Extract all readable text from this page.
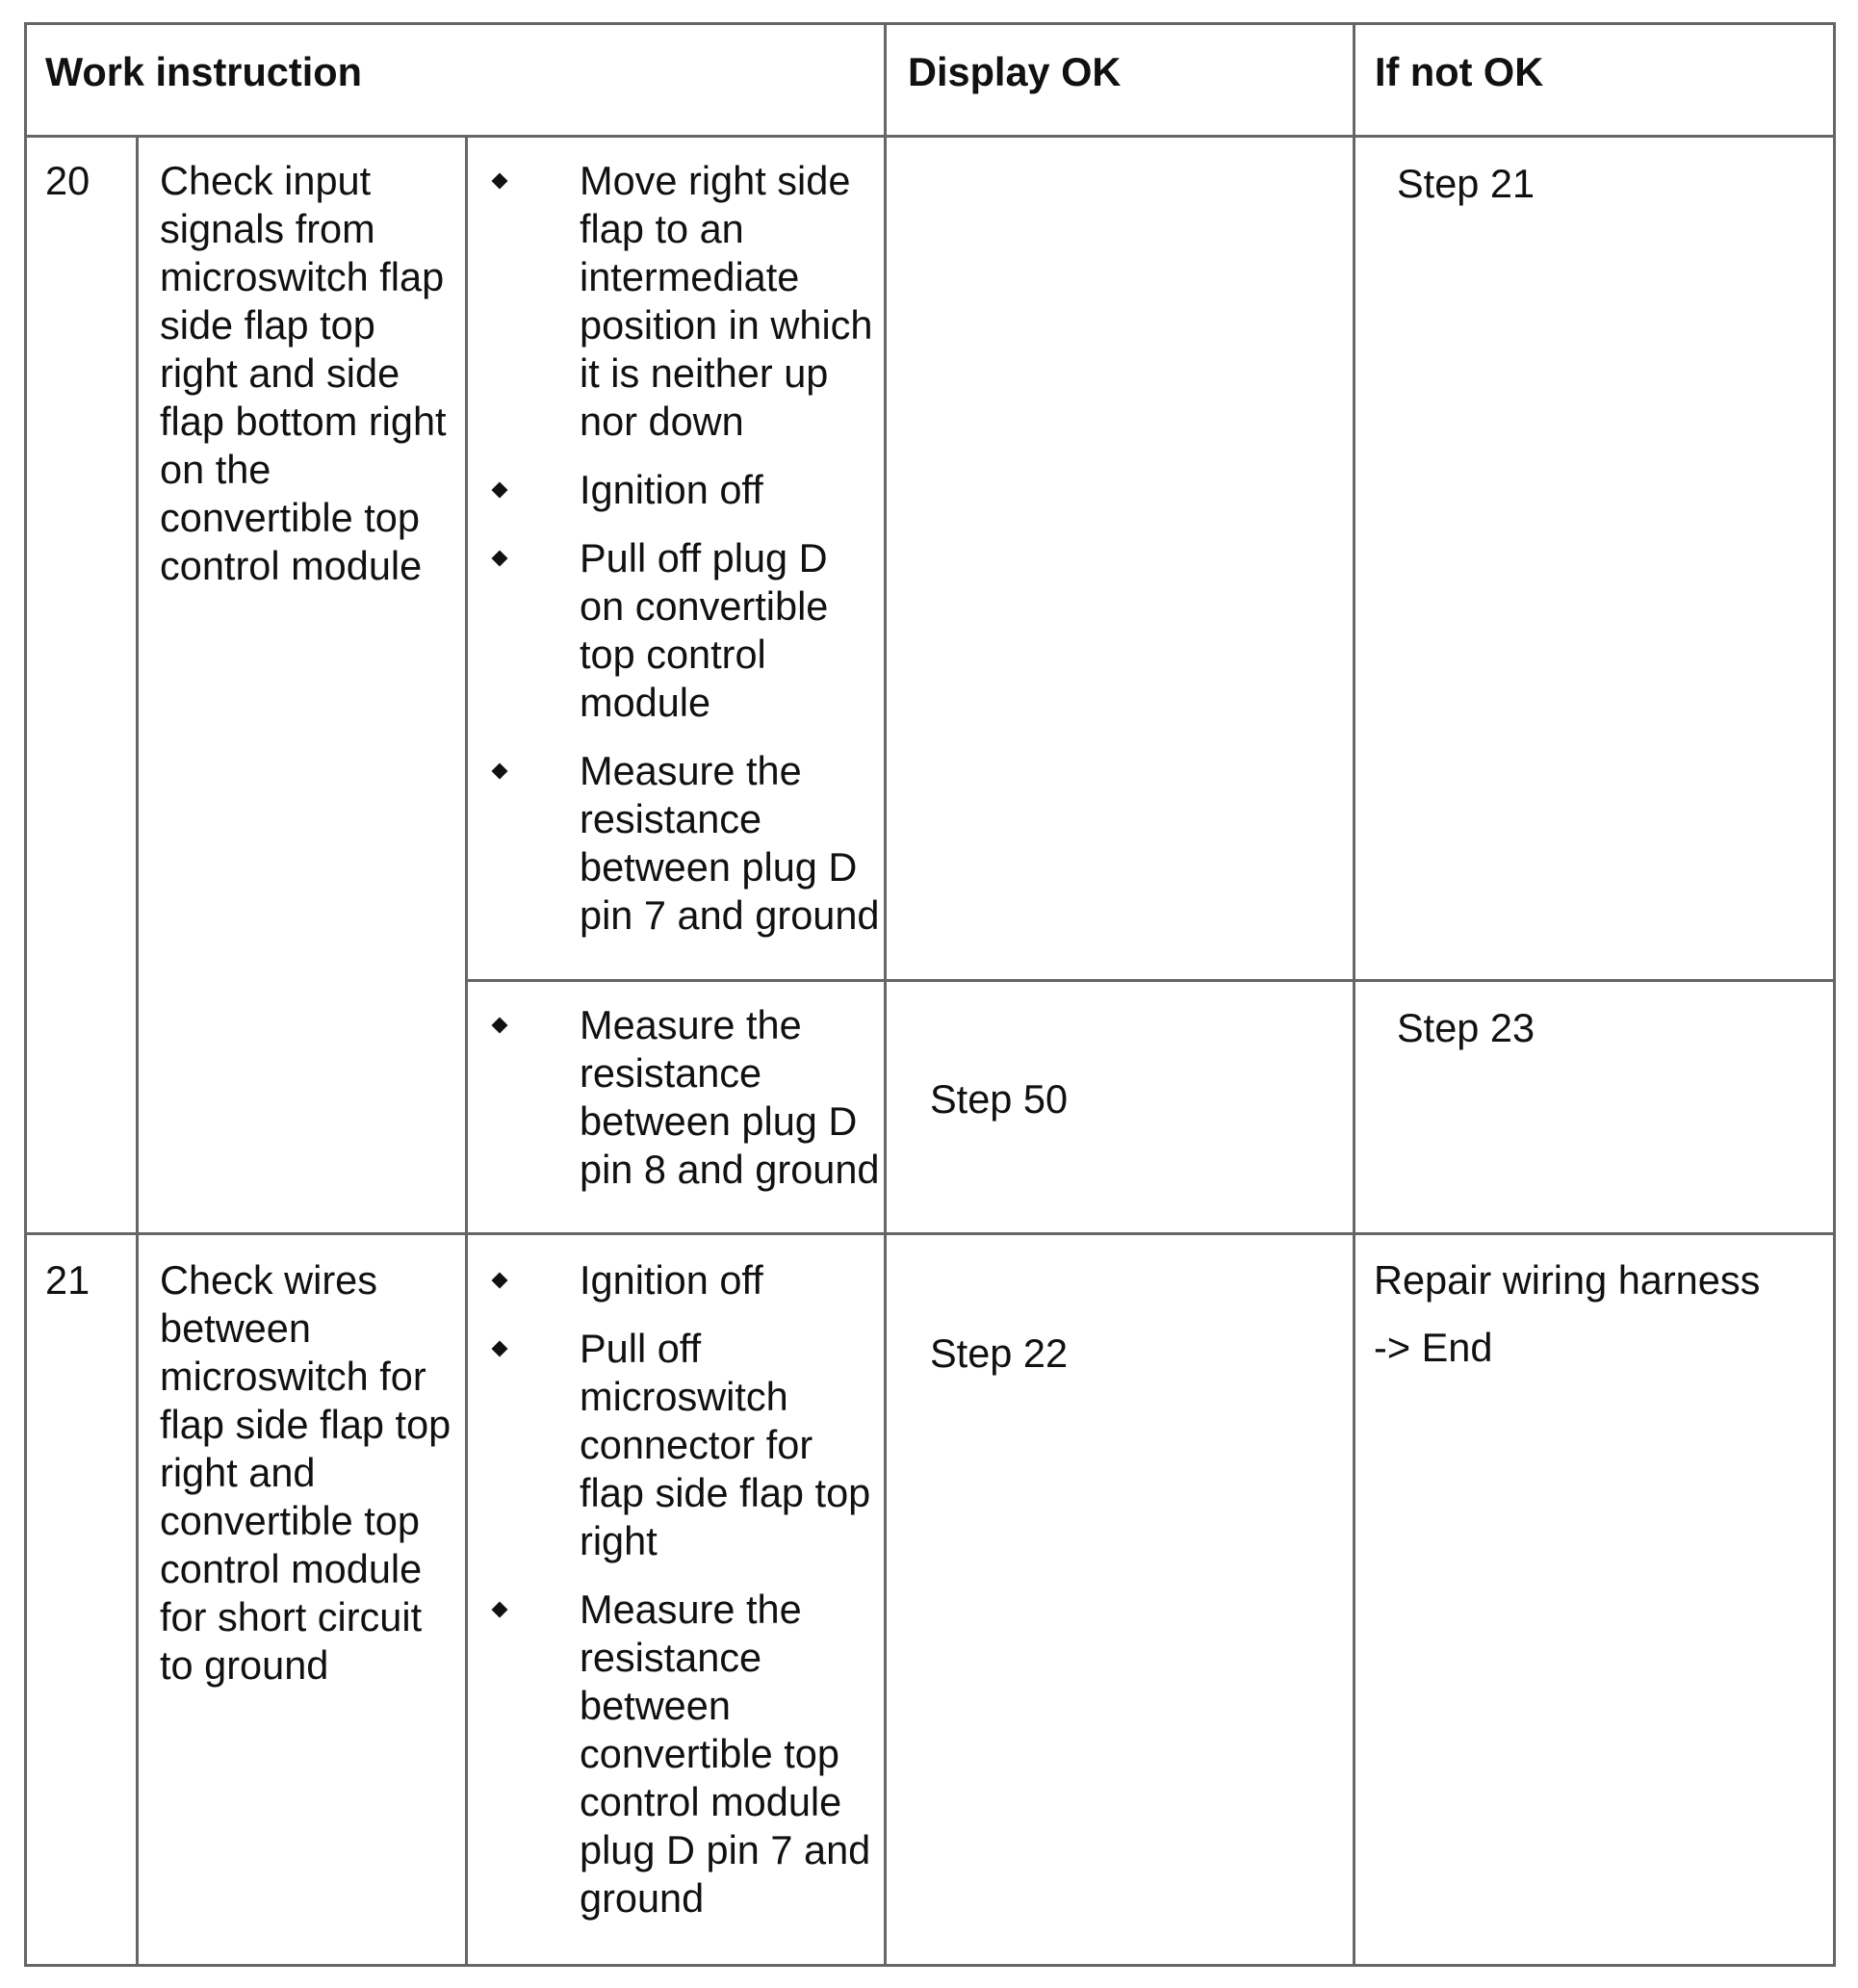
Work instruction	Display OK	If not OK
20 Check input
signals from
microswitch flap
side flap top
right and side
flap bottom right
on the
convertible top
control module
Move right side
flap to an
intermediate
position in which
it is neither up
nor down
Ignition off
Pull off plug D
on convertible
top control
module
Measure the
resistance
between plug D
pin 7 and ground
Step 21
Measure the
resistance
between plug D
pin 8 and ground
Step 50
Step 23
21 Check wires
between
microswitch for
flap side flap top
right and
convertible top
control module
for short circuit
to ground
Ignition off
Pull off
microswitch
connector for
flap side flap top
right
Measure the
resistance
between
convertible top
control module
plug D pin 7 and
ground
Step 22
Repair wiring harness
-> End
